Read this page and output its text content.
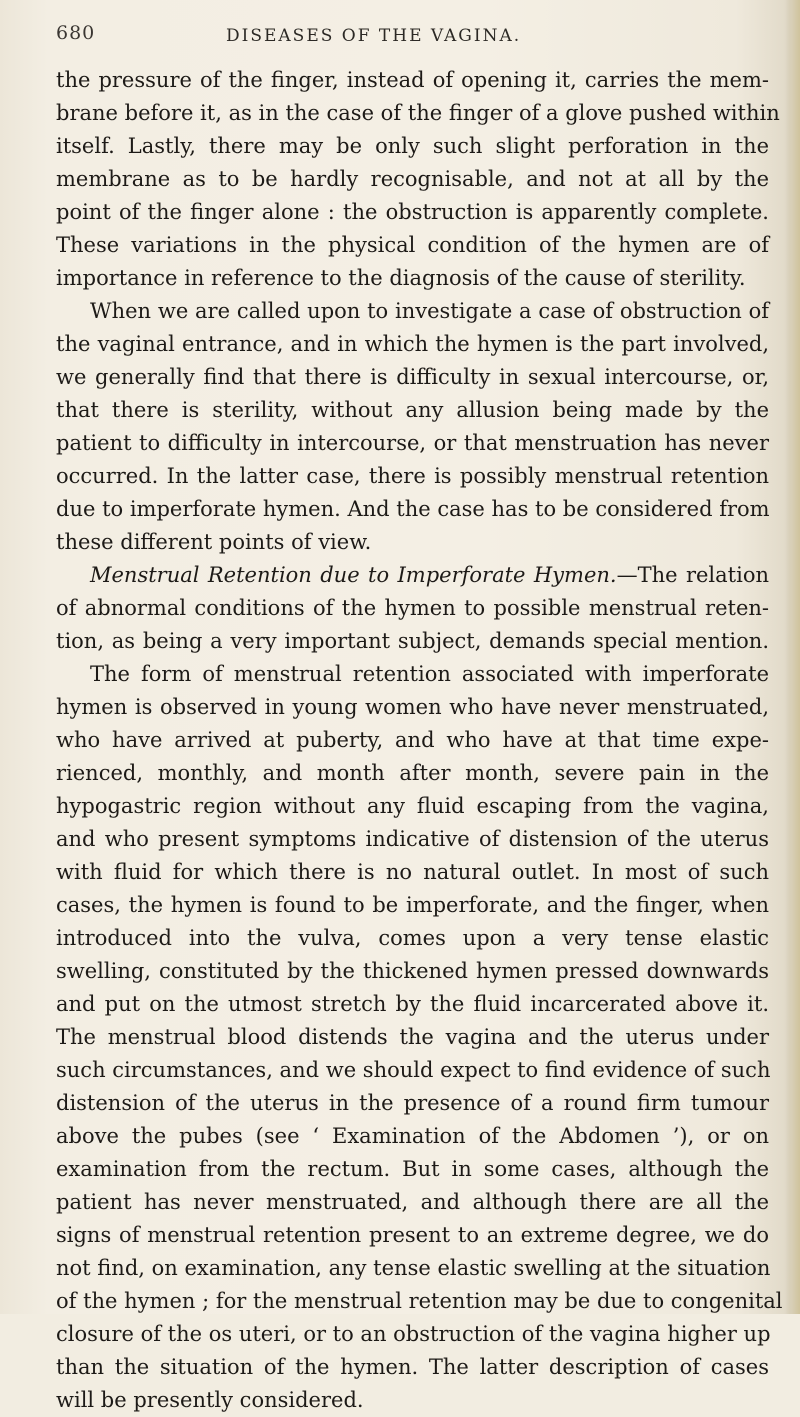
680	DISEASES OF THE VAGINA.
the pressure of the finger, instead of opening it, carries the mem-
brane before it, as in the case of the finger of a glove pushed within
itself. Lastly, there may be only such slight perforation in the
membrane as to be hardly recognisable, and not at all by the
point of the finger alone : the obstruction is apparently complete.
These variations in the physical condition of the hymen are of
importance in reference to the diagnosis of the cause of sterility.
When we are called upon to investigate a case of obstruction of
the vaginal entrance, and in which the hymen is the part involved,
we generally find that there is difficulty in sexual intercourse, or,
that there is sterility, without any allusion being made by the
patient to difficulty in intercourse, or that menstruation has never
occurred. In the latter case, there is possibly menstrual retention
due to imperforate hymen. And the case has to be considered from
these different points of view.
Menstrual Retention due to Imperforate Hymen.—The relation
of abnormal conditions of the hymen to possible menstrual reten-
tion, as being a very important subject, demands special mention.
The form of menstrual retention associated with imperforate
hymen is observed in young women who have never menstruated,
who have arrived at puberty, and who have at that time expe-
rienced, monthly, and month after month, severe pain in the
hypogastric region without any fluid escaping from the vagina,
and who present symptoms indicative of distension of the uterus
with fluid for which there is no natural outlet. In most of such
cases, the hymen is found to be imperforate, and the finger, when
introduced into the vulva, comes upon a very tense elastic
swelling, constituted by the thickened hymen pressed downwards
and put on the utmost stretch by the fluid incarcerated above it.
The menstrual blood distends the vagina and the uterus under
such circumstances, and we should expect to find evidence of such
distension of the uterus in the presence of a round firm tumour
above the pubes (see ‘ Examination of the Abdomen ’), or on
examination from the rectum. But in some cases, although the
patient has never menstruated, and although there are all the
signs of menstrual retention present to an extreme degree, we do
not find, on examination, any tense elastic swelling at the situation
of the hymen ; for the menstrual retention may be due to congenital
closure of the os uteri, or to an obstruction of the vagina higher up
than the situation of the hymen. The latter description of cases
will be presently considered.
